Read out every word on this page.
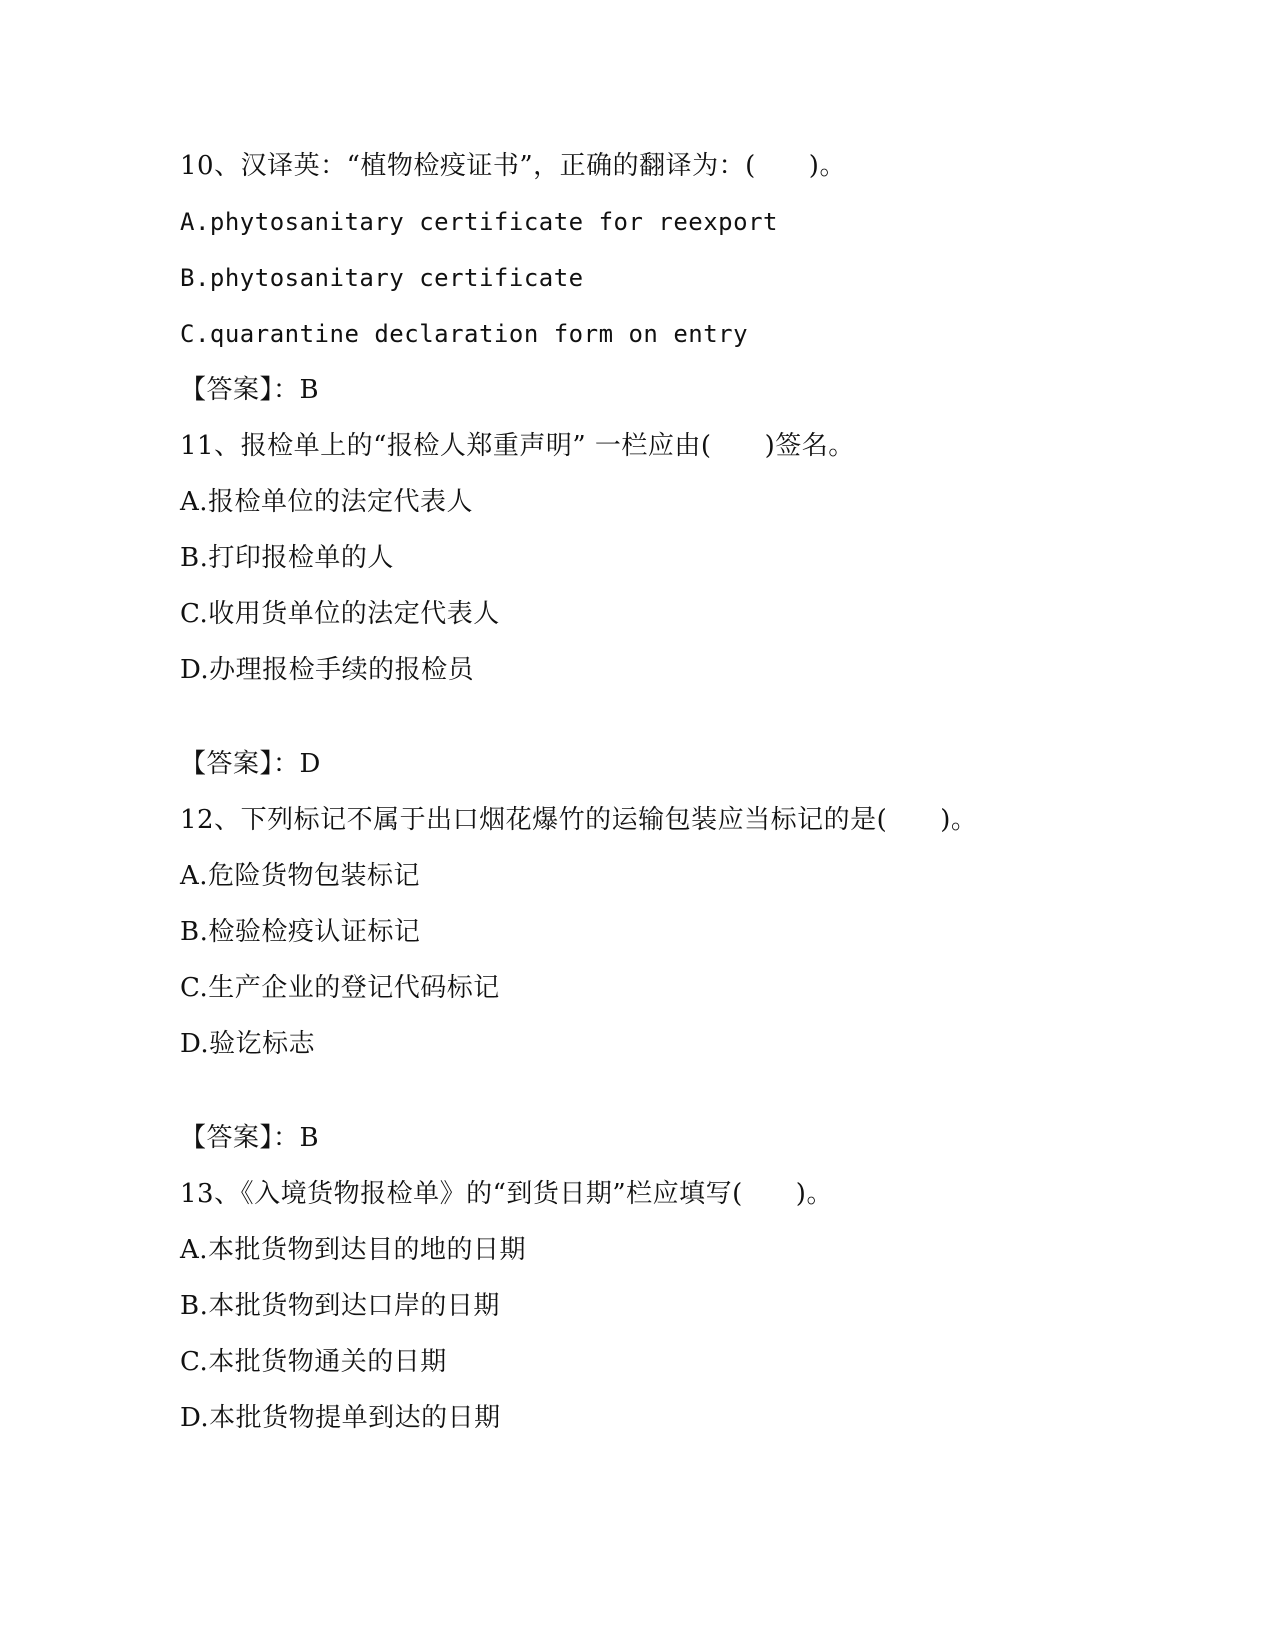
10、汉译英：“植物检疫证书”，正确的翻译为：(　　)。
A.phytosanitary certificate for reexport
B.phytosanitary certificate
C.quarantine declaration form on entry
【答案】：B
11、报检单上的“报检人郑重声明” 一栏应由(　　)签名。
A.报检单位的法定代表人
B.打印报检单的人
C.收用货单位的法定代表人
D.办理报检手续的报检员
【答案】：D
12、下列标记不属于出口烟花爆竹的运输包装应当标记的是(　　)。
A.危险货物包装标记
B.检验检疫认证标记
C.生产企业的登记代码标记
D.验讫标志
【答案】：B
13、《入境货物报检单》的“到货日期”栏应填写(　　)。
A.本批货物到达目的地的日期
B.本批货物到达口岸的日期
C.本批货物通关的日期
D.本批货物提单到达的日期
